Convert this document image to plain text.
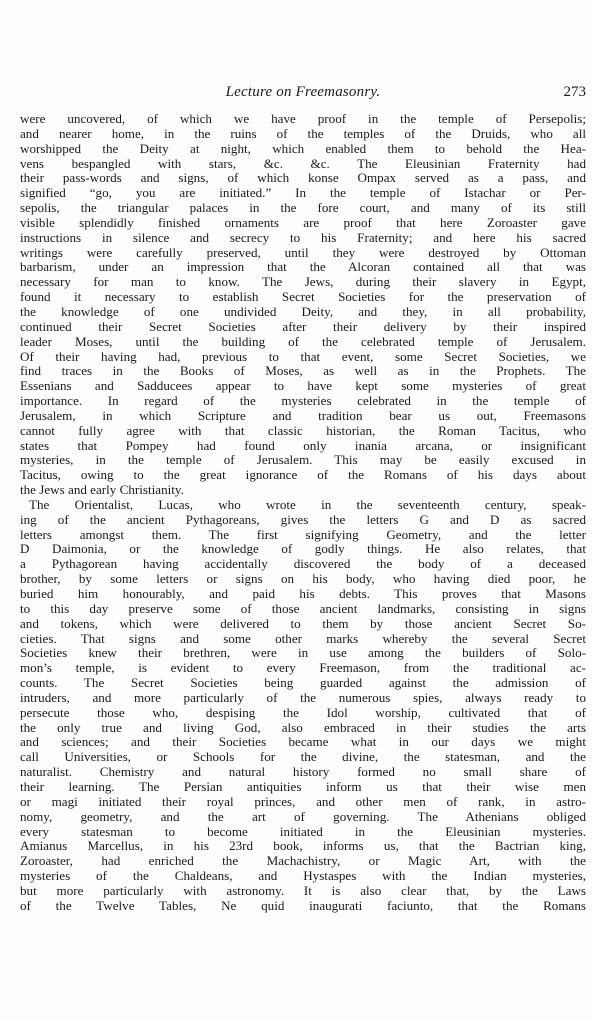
Lecture on Freemasonry.	273
were uncovered, of which we have proof in the temple of Persepolis;
and nearer home, in the ruins of the temples of the Druids, who all
worshipped the Deity at night, which enabled them to behold the Hea-
vens bespangled with stars, &c. &c. The Eleusinian Fraternity had
their pass-words and signs, of which konse Ompax served as a pass, and
signified “go, you are initiated.” In the temple of Istachar or Per-
sepolis, the triangular palaces in the fore court, and many of its still
visible splendidly finished ornaments are proof that here Zoroaster gave
instructions in silence and secrecy to his Fraternity; and here his sacred
writings were carefully preserved, until they were destroyed by Ottoman
barbarism, under an impression that the Alcoran contained all that was
necessary for man to know. The Jews, during their slavery in Egypt,
found it necessary to establish Secret Societies for the preservation of
the knowledge of one undivided Deity, and they, in all probability,
continued their Secret Societies after their delivery by their inspired
leader Moses, until the building of the celebrated temple of Jerusalem.
Of their having had, previous to that event, some Secret Societies, we
find traces in the Books of Moses, as well as in the Prophets. The
Essenians and Sadducees appear to have kept some mysteries of great
importance. In regard of the mysteries celebrated in the temple of
Jerusalem, in which Scripture and tradition bear us out, Freemasons
cannot fully agree with that classic historian, the Roman Tacitus, who
states that Pompey had found only inania arcana, or insignificant
mysteries, in the temple of Jerusalem. This may be easily excused in
Tacitus, owing to the great ignorance of the Romans of his days about
the Jews and early Christianity.
The Orientalist, Lucas, who wrote in the seventeenth century, speak-
ing of the ancient Pythagoreans, gives the letters G and D as sacred
letters amongst them. The first signifying Geometry, and the letter
D Daimonia, or the knowledge of godly things. He also relates, that
a Pythagorean having accidentally discovered the body of a deceased
brother, by some letters or signs on his body, who having died poor, he
buried him honourably, and paid his debts. This proves that Masons
to this day preserve some of those ancient landmarks, consisting in signs
and tokens, which were delivered to them by those ancient Secret So-
cieties. That signs and some other marks whereby the several Secret
Societies knew their brethren, were in use among the builders of Solo-
mon’s temple, is evident to every Freemason, from the traditional ac-
counts. The Secret Societies being guarded against the admission of
intruders, and more particularly of the numerous spies, always ready to
persecute those who, despising the Idol worship, cultivated that of
the only true and living God, also embraced in their studies the arts
and sciences; and their Societies became what in our days we might
call Universities, or Schools for the divine, the statesman, and the
naturalist. Chemistry and natural history formed no small share of
their learning. The Persian antiquities inform us that their wise men
or magi initiated their royal princes, and other men of rank, in astro-
nomy, geometry, and the art of governing. The Athenians obliged
every statesman to become initiated in the Eleusinian mysteries.
Amianus Marcellus, in his 23rd book, informs us, that the Bactrian king,
Zoroaster, had enriched the Machachistry, or Magic Art, with the
mysteries of the Chaldeans, and Hystaspes with the Indian mysteries,
but more particularly with astronomy. It is also clear that, by the Laws
of the Twelve Tables, Ne quid inaugurati faciunto, that the Romans
